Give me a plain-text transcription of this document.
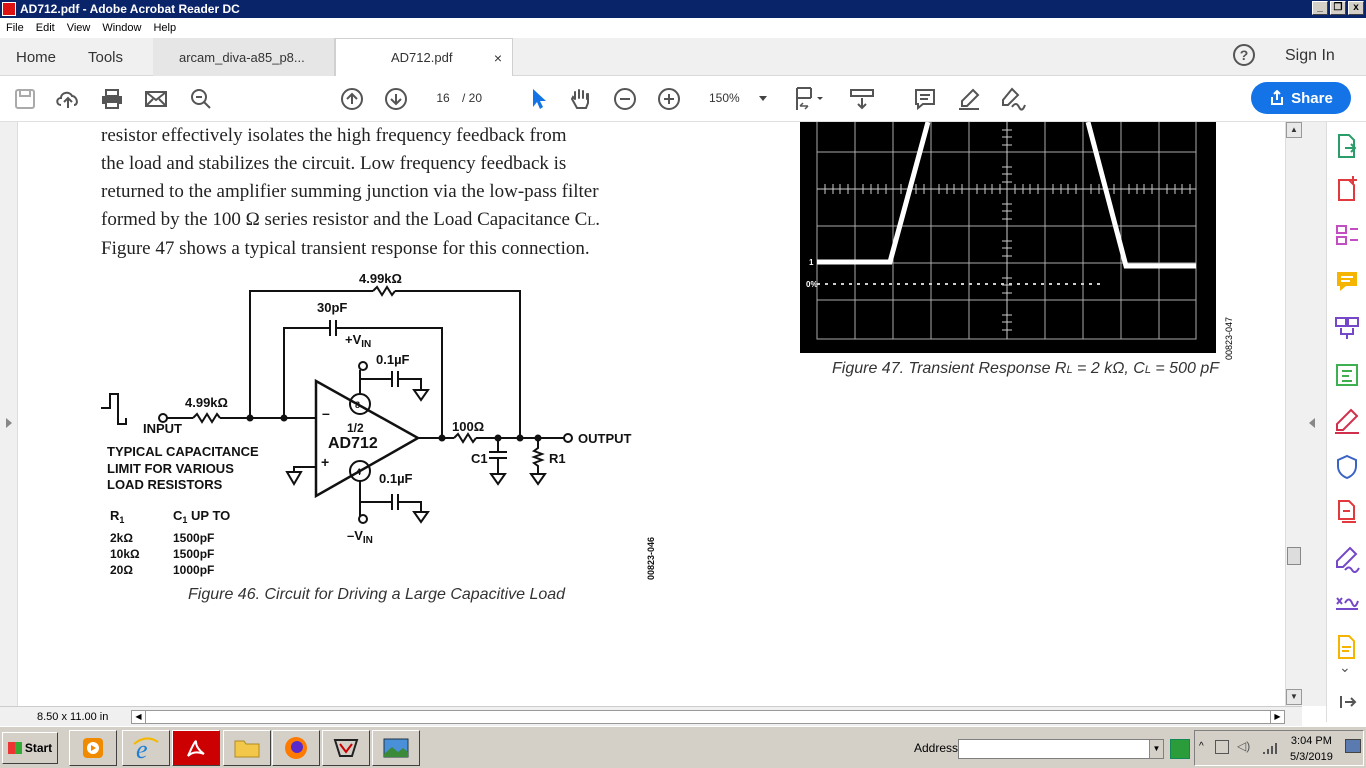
AD712.pdf - Adobe Acrobat Reader DC	_	❐	x
File	Edit	View	Window	Help
Home Tools	arcam_diva-a85_p8...	AD712.pdf	×	?	Sign In
16	/ 20	150%	Share
resistor effectively isolates the high frequency feedback from
the load and stabilizes the circuit. Low frequency feedback is
returned to the amplifier summing junction via the low-pass filter
formed by the 100 Ω series resistor and the Load Capacitance CL.
Figure 47 shows a typical transient response for this connection.
4.99kΩ
30pF
$+V_{IN}$
0.1µF
4.99kΩ
INPUT
8
4
1/2
AD712
–
+
100Ω
OUTPUT
C1	R1
0.1µF
$-V_{IN}$
TYPICAL CAPACITANCE
LIMIT FOR VARIOUS
LOAD RESISTORS
$R_1$	$C_1$ UP TO
2kΩ	1500pF
10kΩ	1500pF
20Ω	1000pF	00823-046
Figure 46. Circuit for Driving a Large Capacitive Load
1
0%
00823-047
Figure 47. Transient Response RL = 2 kΩ, CL = 500 pF
▲
▼
⌄
8.50 x 11.00 in	◀	▶
Start	e	Address	▼	^	◁)	3:04 PM
5/3/2019
